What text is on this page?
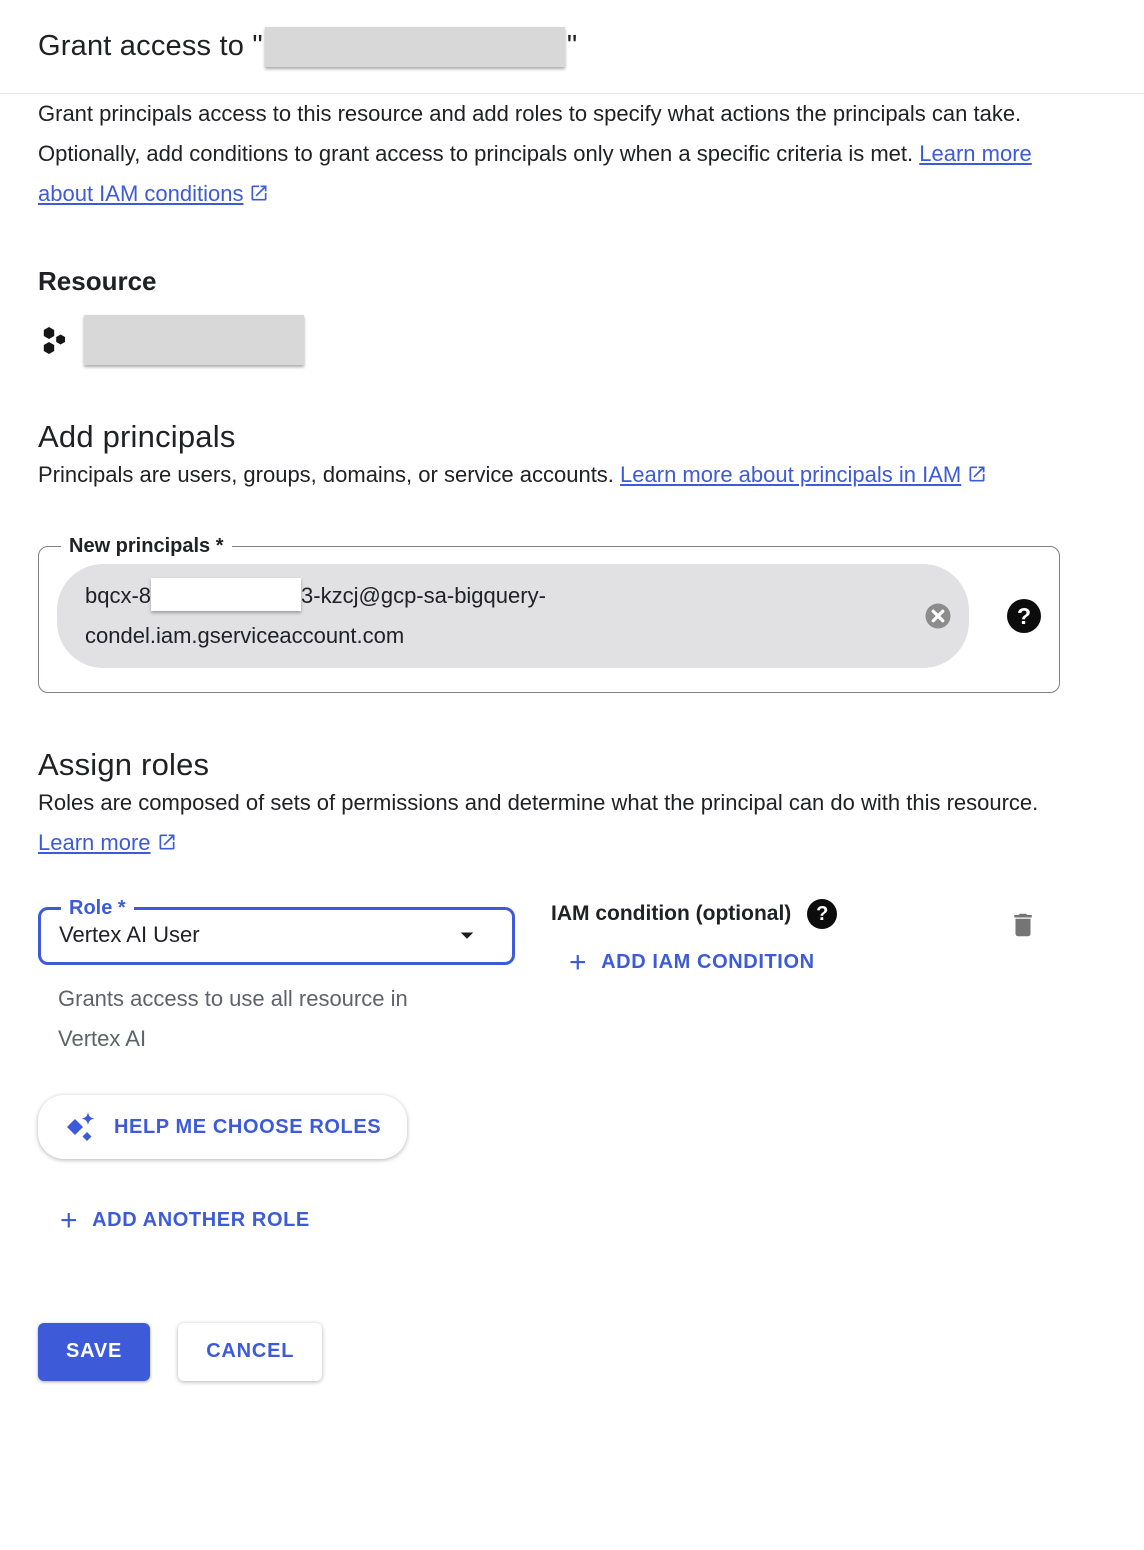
Grant access to "	"

Grant principals access to this resource and add roles to specify what actions the principals can take. Optionally, add conditions to grant access to principals only when a specific criteria is met. Learn more about IAM conditions

Resource
Add principals

Principals are users, groups, domains, or service accounts. Learn more about principals in IAM

New principals *
bqcx-8	3-kzcj@gcp-sa-bigquery-
condel.iam.gserviceaccount.com
?
Assign roles

Roles are composed of sets of permissions and determine what the principal can do with this resource. Learn more

Role *
Vertex AI User
Grants access to use all resource in Vertex AI
IAM condition (optional)	?
+ ADD IAM CONDITION
HELP ME CHOOSE ROLES
+ ADD ANOTHER ROLE
SAVE	CANCEL
